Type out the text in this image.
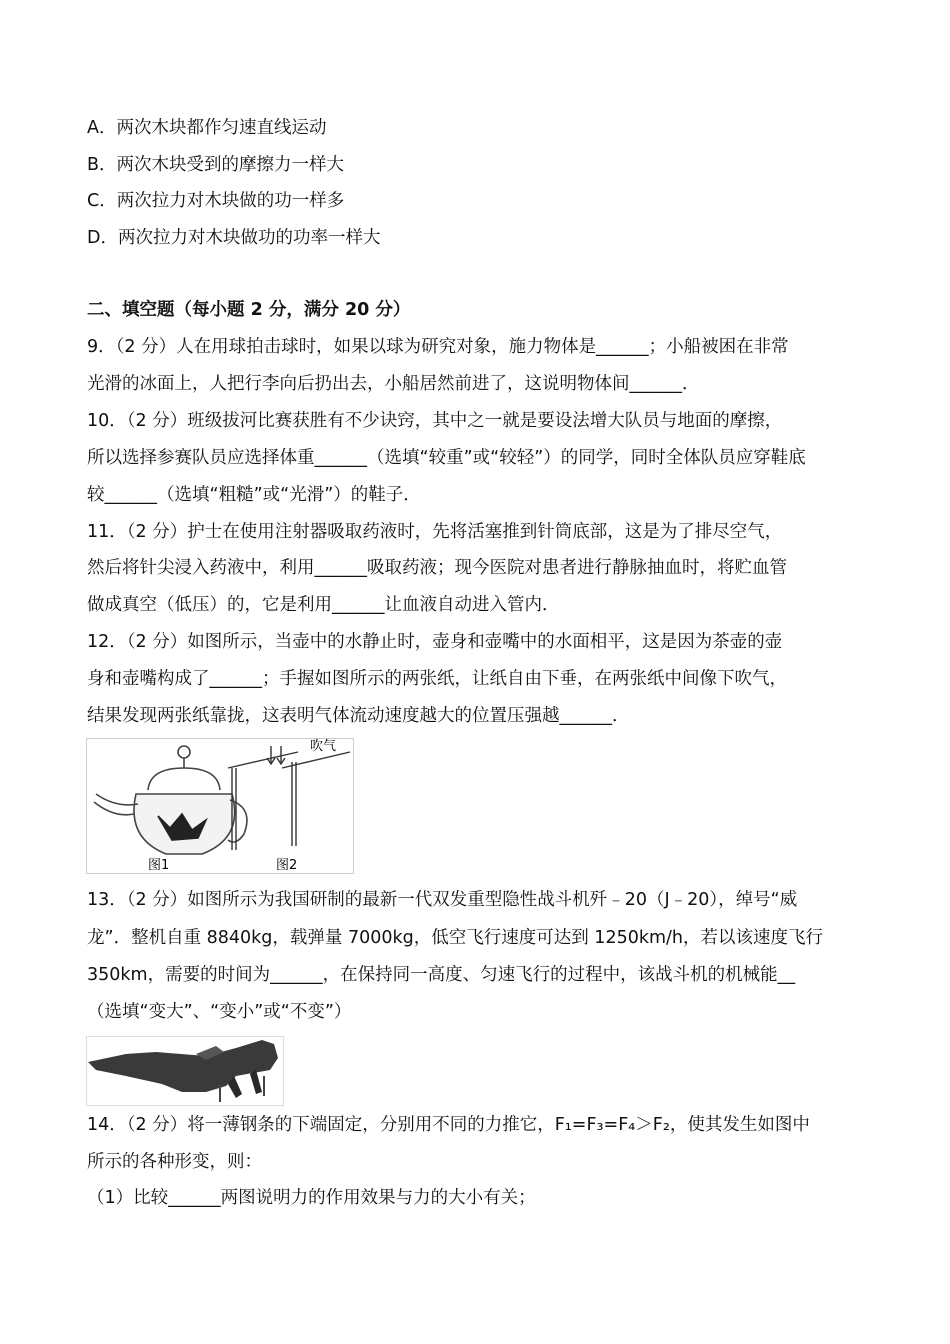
A．两次木块都作匀速直线运动
B．两次木块受到的摩擦力一样大
C．两次拉力对木块做的功一样多
D．两次拉力对木块做功的功率一样大
二、填空题（每小题 2 分，满分 20 分）
9．（2 分）人在用球拍击球时，如果以球为研究对象，施力物体是______；小船被困在非常
光滑的冰面上，人把行李向后扔出去，小船居然前进了，这说明物体间______．
10．（2 分）班级拔河比赛获胜有不少诀窍，其中之一就是要设法增大队员与地面的摩擦，
所以选择参赛队员应选择体重______（选填“较重”或“较轻”）的同学，同时全体队员应穿鞋底
较______（选填“粗糙”或“光滑”）的鞋子．
11．（2 分）护士在使用注射器吸取药液时，先将活塞推到针筒底部，这是为了排尽空气，
然后将针尖浸入药液中，利用______吸取药液；现今医院对患者进行静脉抽血时，将贮血管
做成真空（低压）的，它是利用______让血液自动进入管内．
12．（2 分）如图所示，当壶中的水静止时，壶身和壶嘴中的水面相平，这是因为茶壶的壶
身和壶嘴构成了______；手握如图所示的两张纸，让纸自由下垂，在两张纸中间像下吹气，
结果发现两张纸靠拢，这表明气体流动速度越大的位置压强越______．
图1
吹气
图2
13．（2 分）如图所示为我国研制的最新一代双发重型隐性战斗机歼﹣20（J﹣20），绰号“威
龙”．整机自重 8840kg，载弹量 7000kg，低空飞行速度可达到 1250km/h，若以该速度飞行
350km，需要的时间为______，在保持同一高度、匀速飞行的过程中，该战斗机的机械能__
（选填“变大”、“变小”或“不变”）
14．（2 分）将一薄钢条的下端固定，分别用不同的力推它，F₁=F₃=F₄＞F₂，使其发生如图中
所示的各种形变，则：
（1）比较______两图说明力的作用效果与力的大小有关；
